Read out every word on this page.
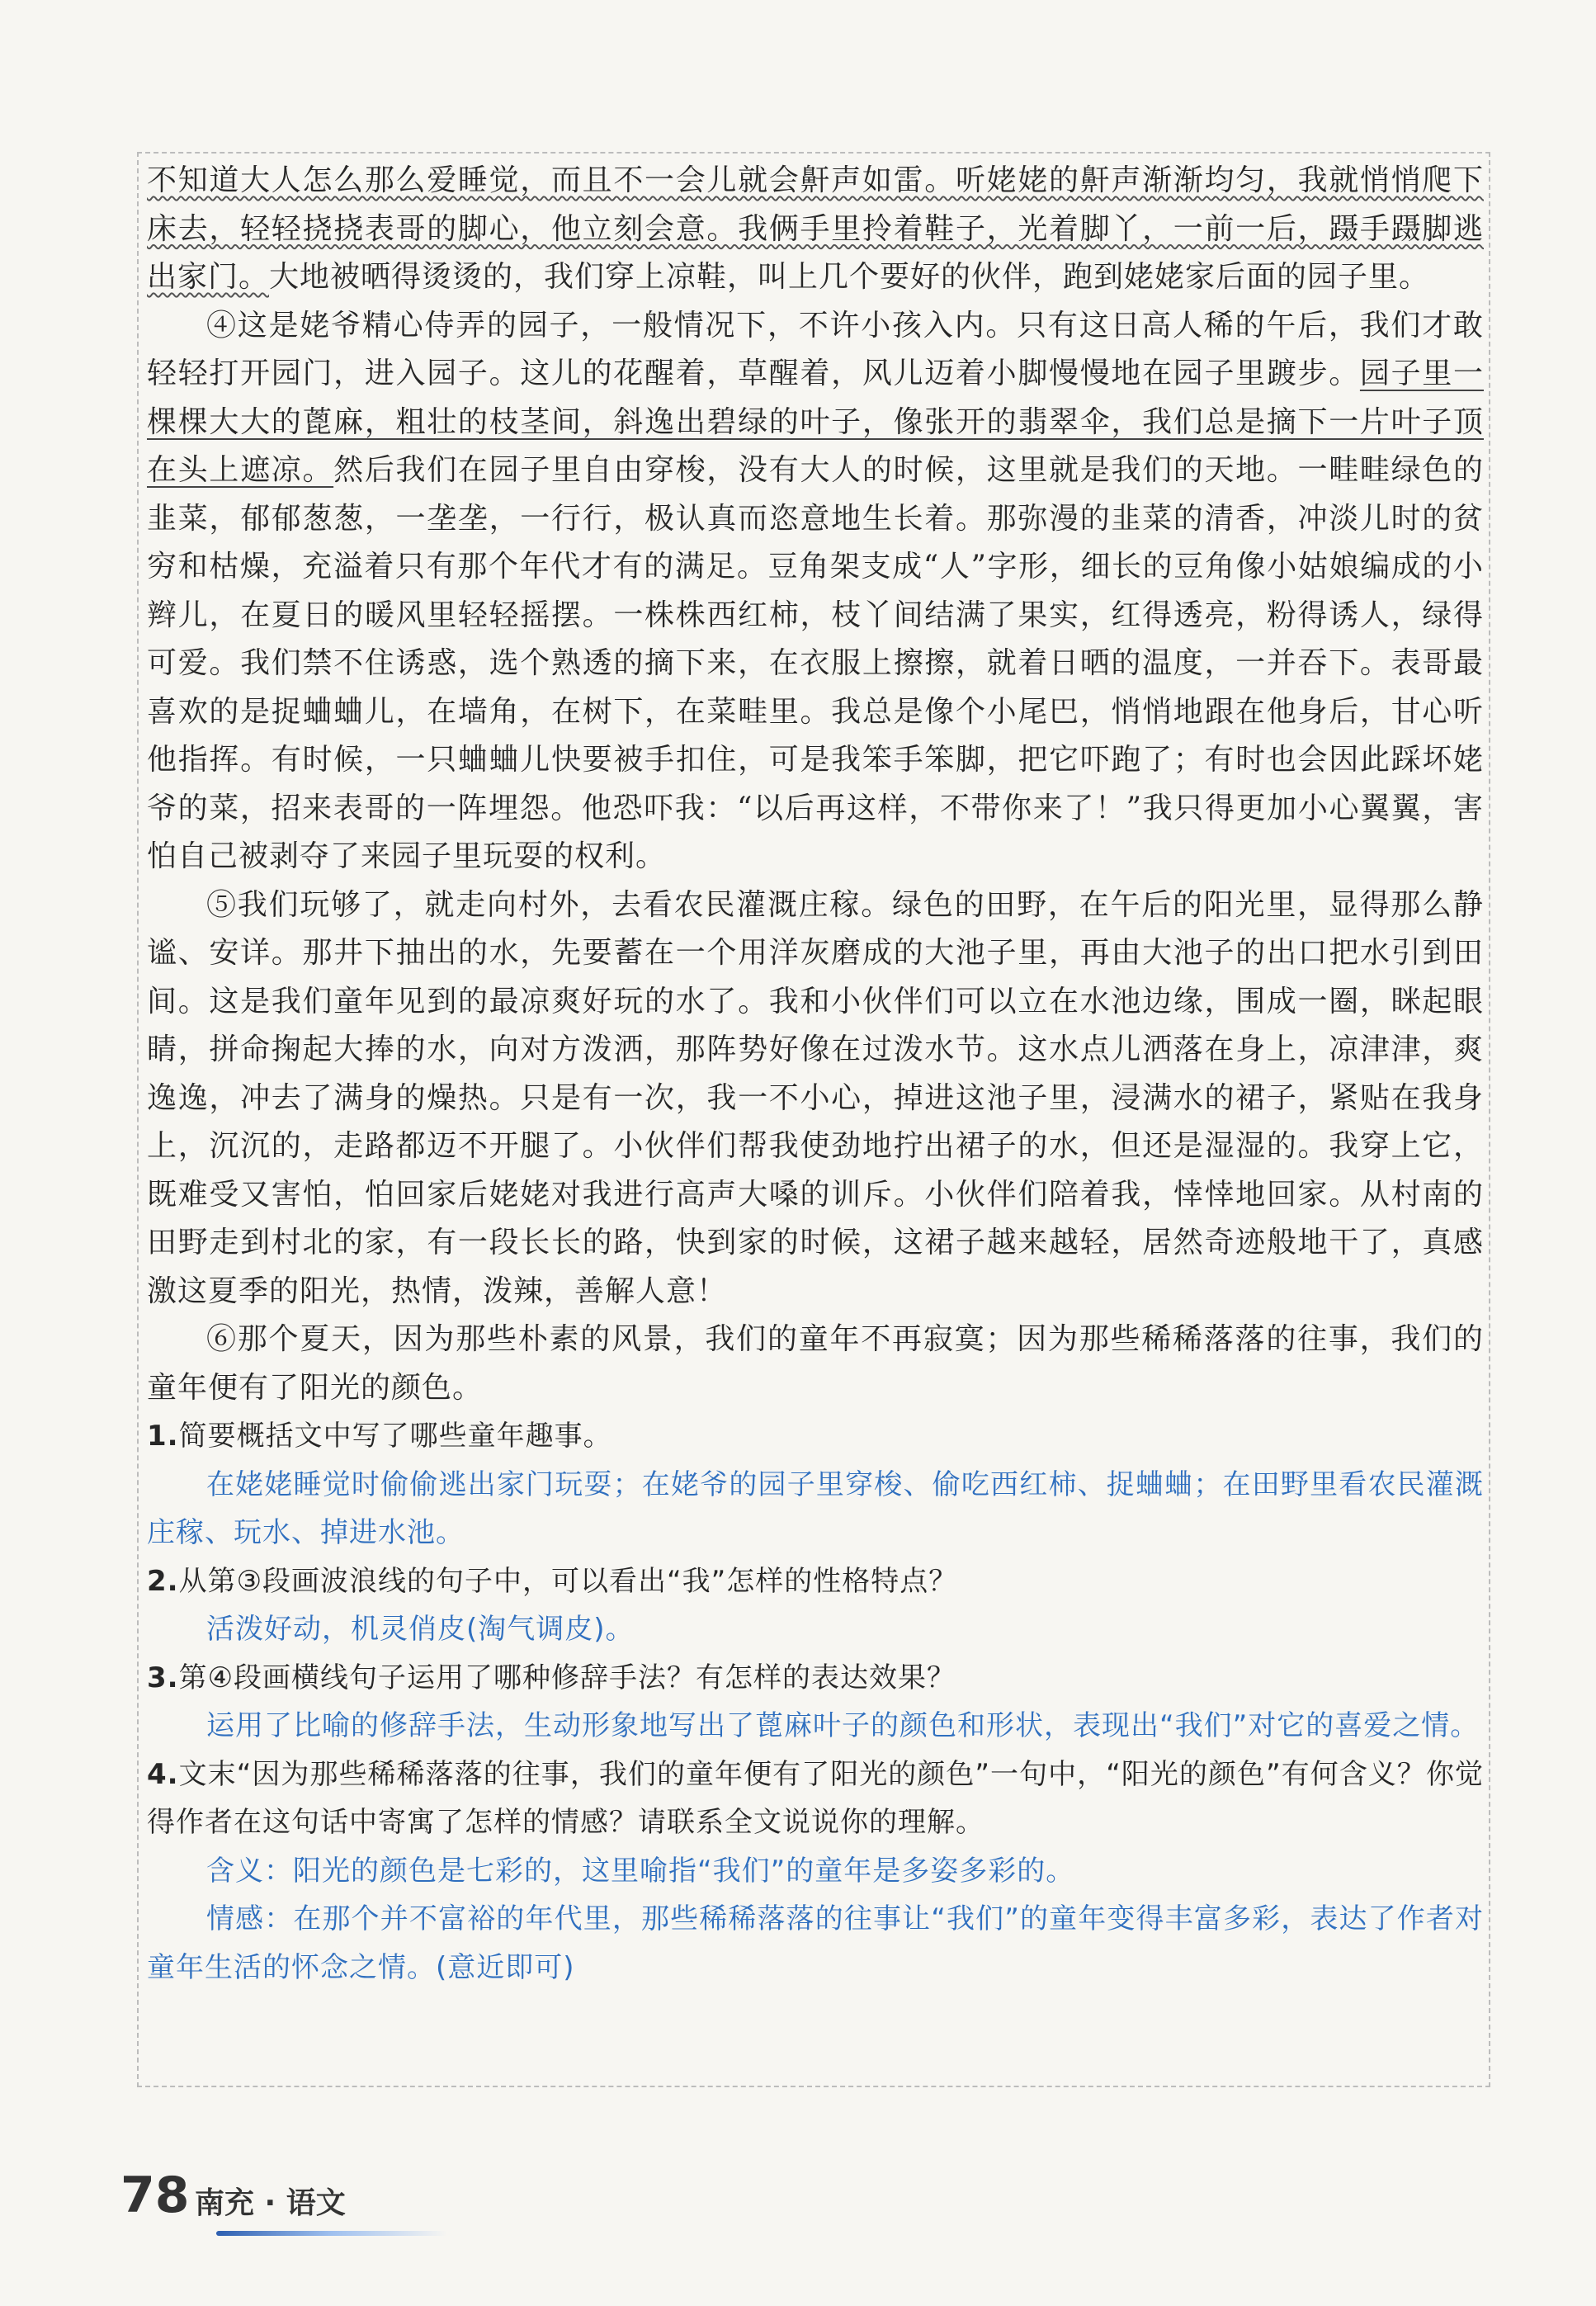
不知道大人怎么那么爱睡觉，而且不一会儿就会鼾声如雷。听姥姥的鼾声渐渐均匀，我就悄悄爬下床去，轻轻挠挠表哥的脚心，他立刻会意。我俩手里拎着鞋子，光着脚丫，一前一后，蹑手蹑脚逃出家门。大地被晒得烫烫的，我们穿上凉鞋，叫上几个要好的伙伴，跑到姥姥家后面的园子里。

④这是姥爷精心侍弄的园子，一般情况下，不许小孩入内。只有这日高人稀的午后，我们才敢轻轻打开园门，进入园子。这儿的花醒着，草醒着，风儿迈着小脚慢慢地在园子里踱步。园子里一棵棵大大的蓖麻，粗壮的枝茎间，斜逸出碧绿的叶子，像张开的翡翠伞，我们总是摘下一片叶子顶在头上遮凉。然后我们在园子里自由穿梭，没有大人的时候，这里就是我们的天地。一畦畦绿色的韭菜，郁郁葱葱，一垄垄，一行行，极认真而恣意地生长着。那弥漫的韭菜的清香，冲淡儿时的贫穷和枯燥，充溢着只有那个年代才有的满足。豆角架支成“人”字形，细长的豆角像小姑娘编成的小辫儿，在夏日的暖风里轻轻摇摆。一株株西红柿，枝丫间结满了果实，红得透亮，粉得诱人，绿得可爱。我们禁不住诱惑，选个熟透的摘下来，在衣服上擦擦，就着日晒的温度，一并吞下。表哥最喜欢的是捉蛐蛐儿，在墙角，在树下，在菜畦里。我总是像个小尾巴，悄悄地跟在他身后，甘心听他指挥。有时候，一只蛐蛐儿快要被手扣住，可是我笨手笨脚，把它吓跑了；有时也会因此踩坏姥爷的菜，招来表哥的一阵埋怨。他恐吓我：“以后再这样，不带你来了！”我只得更加小心翼翼，害怕自己被剥夺了来园子里玩耍的权利。

⑤我们玩够了，就走向村外，去看农民灌溉庄稼。绿色的田野，在午后的阳光里，显得那么静谧、安详。那井下抽出的水，先要蓄在一个用洋灰磨成的大池子里，再由大池子的出口把水引到田间。这是我们童年见到的最凉爽好玩的水了。我和小伙伴们可以立在水池边缘，围成一圈，眯起眼睛，拼命掬起大捧的水，向对方泼洒，那阵势好像在过泼水节。这水点儿洒落在身上，凉津津，爽逸逸，冲去了满身的燥热。只是有一次，我一不小心，掉进这池子里，浸满水的裙子，紧贴在我身上，沉沉的，走路都迈不开腿了。小伙伴们帮我使劲地拧出裙子的水，但还是湿湿的。我穿上它，既难受又害怕，怕回家后姥姥对我进行高声大嗓的训斥。小伙伴们陪着我，悻悻地回家。从村南的田野走到村北的家，有一段长长的路，快到家的时候，这裙子越来越轻，居然奇迹般地干了，真感激这夏季的阳光，热情，泼辣，善解人意！

⑥那个夏天，因为那些朴素的风景，我们的童年不再寂寞；因为那些稀稀落落的往事，我们的童年便有了阳光的颜色。

1.简要概括文中写了哪些童年趣事。

在姥姥睡觉时偷偷逃出家门玩耍；在姥爷的园子里穿梭、偷吃西红柿、捉蛐蛐；在田野里看农民灌溉庄稼、玩水、掉进水池。

2.从第③段画波浪线的句子中，可以看出“我”怎样的性格特点？

活泼好动，机灵俏皮(淘气调皮)。

3.第④段画横线句子运用了哪种修辞手法？有怎样的表达效果？

运用了比喻的修辞手法，生动形象地写出了蓖麻叶子的颜色和形状，表现出“我们”对它的喜爱之情。

4.文末“因为那些稀稀落落的往事，我们的童年便有了阳光的颜色”一句中，“阳光的颜色”有何含义？你觉得作者在这句话中寄寓了怎样的情感？请联系全文说说你的理解。

含义：阳光的颜色是七彩的，这里喻指“我们”的童年是多姿多彩的。

情感：在那个并不富裕的年代里，那些稀稀落落的往事让“我们”的童年变得丰富多彩，表达了作者对童年生活的怀念之情。(意近即可)

78 南充 · 语文
